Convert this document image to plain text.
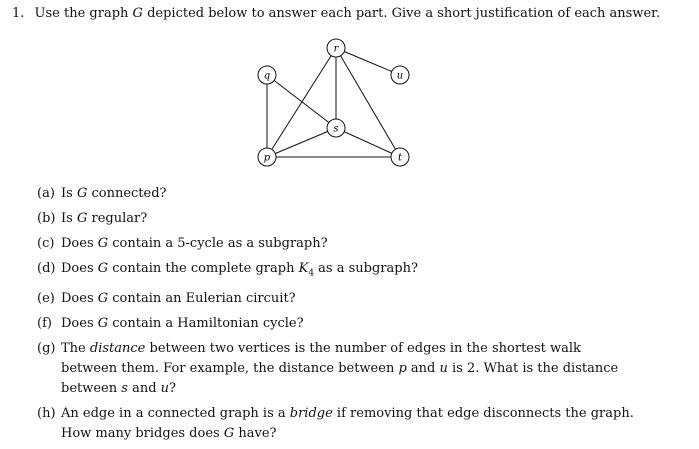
1. Use the graph G depicted below to answer each part. Give a short justification of each answer.
q
p
r
s
u
t
(a) Is G connected?
(b) Is G regular?
(c) Does G contain a 5-cycle as a subgraph?
(d) Does G contain the complete graph $K_4$ as a subgraph?
(e) Does G contain an Eulerian circuit?
(f) Does G contain a Hamiltonian cycle?
(g) The distance between two vertices is the number of edges in the shortest walk between them. For example, the distance between p and u is 2. What is the distance between s and u?
(h) An edge in a connected graph is a bridge if removing that edge disconnects the graph. How many bridges does G have?
